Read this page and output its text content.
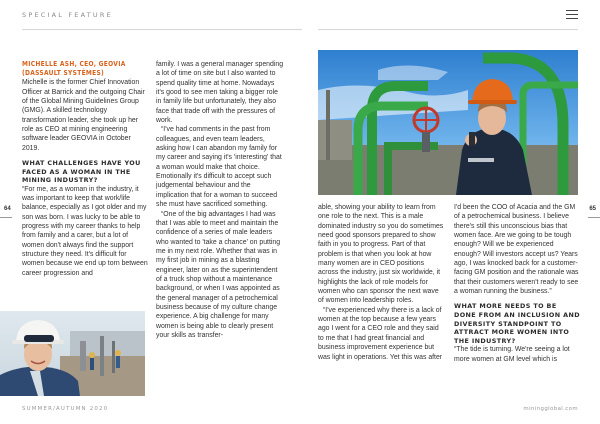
SPECIAL FEATURE
64	65
MICHELLE ASH, CEO, GEOVIA (DASSAULT SYSTÈMES)

Michelle is the former Chief Innovation Officer at Barrick and the outgoing Chair of the Global Mining Guidelines Group (GMG). A skilled technology transformation leader, she took up her role as CEO at mining engineering software leader GEOVIA in October 2019.

WHAT CHALLENGES HAVE YOU FACED AS A WOMAN IN THE MINING INDUSTRY?

“For me, as a woman in the industry, it was important to keep that work/life balance, especially as I got older and my son was born. I was lucky to be able to progress with my career thanks to help from family and a carer, but a lot of women don't always find the support structure they need. It's difficult for women because we end up torn between career progression and

family. I was a general manager spending a lot of time on site but I also wanted to spend quality time at home. Nowadays it's good to see men taking a bigger role in family life but unfortunately, they also face that trade off with the pressures of work.

“I've had comments in the past from colleagues, and even team leaders, asking how I can abandon my family for my career and saying it's 'interesting' that a woman would make that choice. Emotionally it's difficult to accept such judgemental behaviour and the implication that for a woman to succeed she must have sacrificed something.

“One of the big advantages I had was that I was able to meet and maintain the confidence of a series of male leaders who wanted to 'take a chance' on putting me in my next role. Whether that was in my first job in mining as a blasting engineer, later on as the superintendent of a truck shop without a maintenance background, or when I was appointed as the general manager of a petrochemical business because of my culture change experience. A big challenge for many women is being able to clearly present your skills as transfer-

able, showing your ability to learn from one role to the next. This is a male dominated industry so you do sometimes need good sponsors prepared to show faith in you to progress. Part of that problem is that when you look at how many women are in CEO positions across the industry, just six worldwide, it highlights the lack of role models for women who can sponsor the next wave of women into leadership roles.

“I've experienced why there is a lack of women at the top because a few years ago I went for a CEO role and they said to me that I had great financial and business improvement experience but was light in operations. Yet this was after

I'd been the COO of Acacia and the GM of a petrochemical business. I believe there's still this unconscious bias that women face. Are we going to be tough enough? Will we be experienced enough? Will investors accept us? Years ago, I was knocked back for a customer-facing GM position and the rationale was that their customers weren't ready to see a woman running the business.”

WHAT MORE NEEDS TO BE DONE FROM AN INCLUSION AND DIVERSITY STANDPOINT TO ATTRACT MORE WOMEN INTO THE INDUSTRY?

“The tide is turning. We're seeing a lot more women at GM level which is

SUMMER/AUTUMN 2020	miningglobal.com
